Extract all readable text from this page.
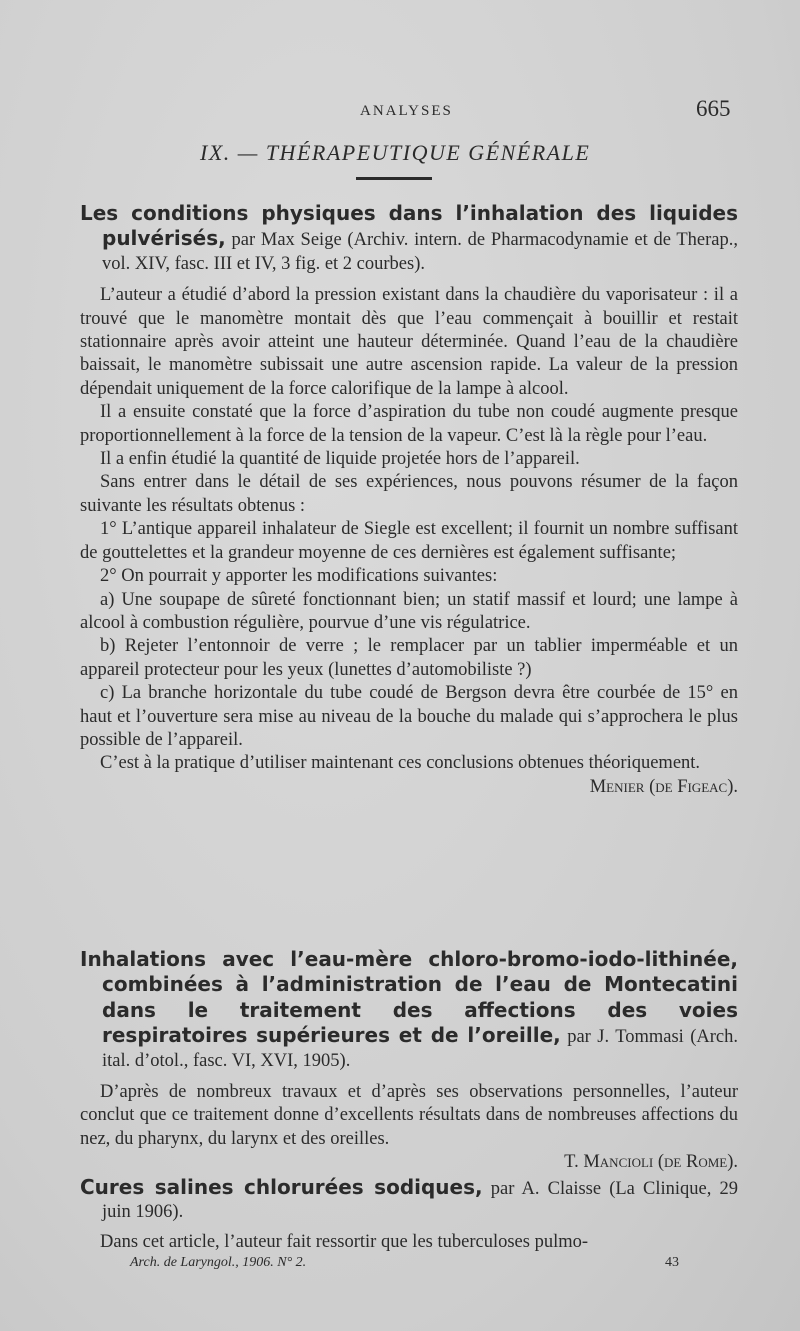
ANALYSES	665
IX. — THÉRAPEUTIQUE GÉNÉRALE

Les conditions physiques dans l’inhalation des liquides pulvérisés, par Max Seige (Archiv. intern. de Pharmacodynamie et de Therap., vol. XIV, fasc. III et IV, 3 fig. et 2 courbes).

L’auteur a étudié d’abord la pression existant dans la chaudière du vaporisateur : il a trouvé que le manomètre montait dès que l’eau commençait à bouillir et restait stationnaire après avoir atteint une hauteur déterminée. Quand l’eau de la chaudière baissait, le manomètre subissait une autre ascension rapide. La valeur de la pression dépendait uniquement de la force calorifique de la lampe à alcool.

Il a ensuite constaté que la force d’aspiration du tube non coudé augmente presque proportionnellement à la force de la tension de la vapeur. C’est là la règle pour l’eau.

Il a enfin étudié la quantité de liquide projetée hors de l’appareil.

Sans entrer dans le détail de ses expériences, nous pouvons résumer de la façon suivante les résultats obtenus :

1° L’antique appareil inhalateur de Siegle est excellent; il fournit un nombre suffisant de gouttelettes et la grandeur moyenne de ces dernières est également suffisante;

2° On pourrait y apporter les modifications suivantes:

a) Une soupape de sûreté fonctionnant bien; un statif massif et lourd; une lampe à alcool à combustion régulière, pourvue d’une vis régulatrice.

b) Rejeter l’entonnoir de verre ; le remplacer par un tablier imperméable et un appareil protecteur pour les yeux (lunettes d’automobiliste ?)

c) La branche horizontale du tube coudé de Bergson devra être courbée de 15° en haut et l’ouverture sera mise au niveau de la bouche du malade qui s’approchera le plus possible de l’appareil.

C’est à la pratique d’utiliser maintenant ces conclusions obtenues théoriquement.

Menier (de Figeac).

Inhalations avec l’eau-mère chloro-bromo-iodo-lithinée, combinées à l’administration de l’eau de Montecatini dans le traitement des affections des voies respiratoires supérieures et de l’oreille, par J. Tommasi (Arch. ital. d’otol., fasc. VI, XVI, 1905).

D’après de nombreux travaux et d’après ses observations personnelles, l’auteur conclut que ce traitement donne d’excellents résultats dans de nombreuses affections du nez, du pharynx, du larynx et des oreilles.

T. Mancioli (de Rome).

Cures salines chlorurées sodiques, par A. Claisse (La Clinique, 29 juin 1906).

Dans cet article, l’auteur fait ressortir que les tuberculoses pulmo-

Arch. de Laryngol., 1906. N° 2.	43
